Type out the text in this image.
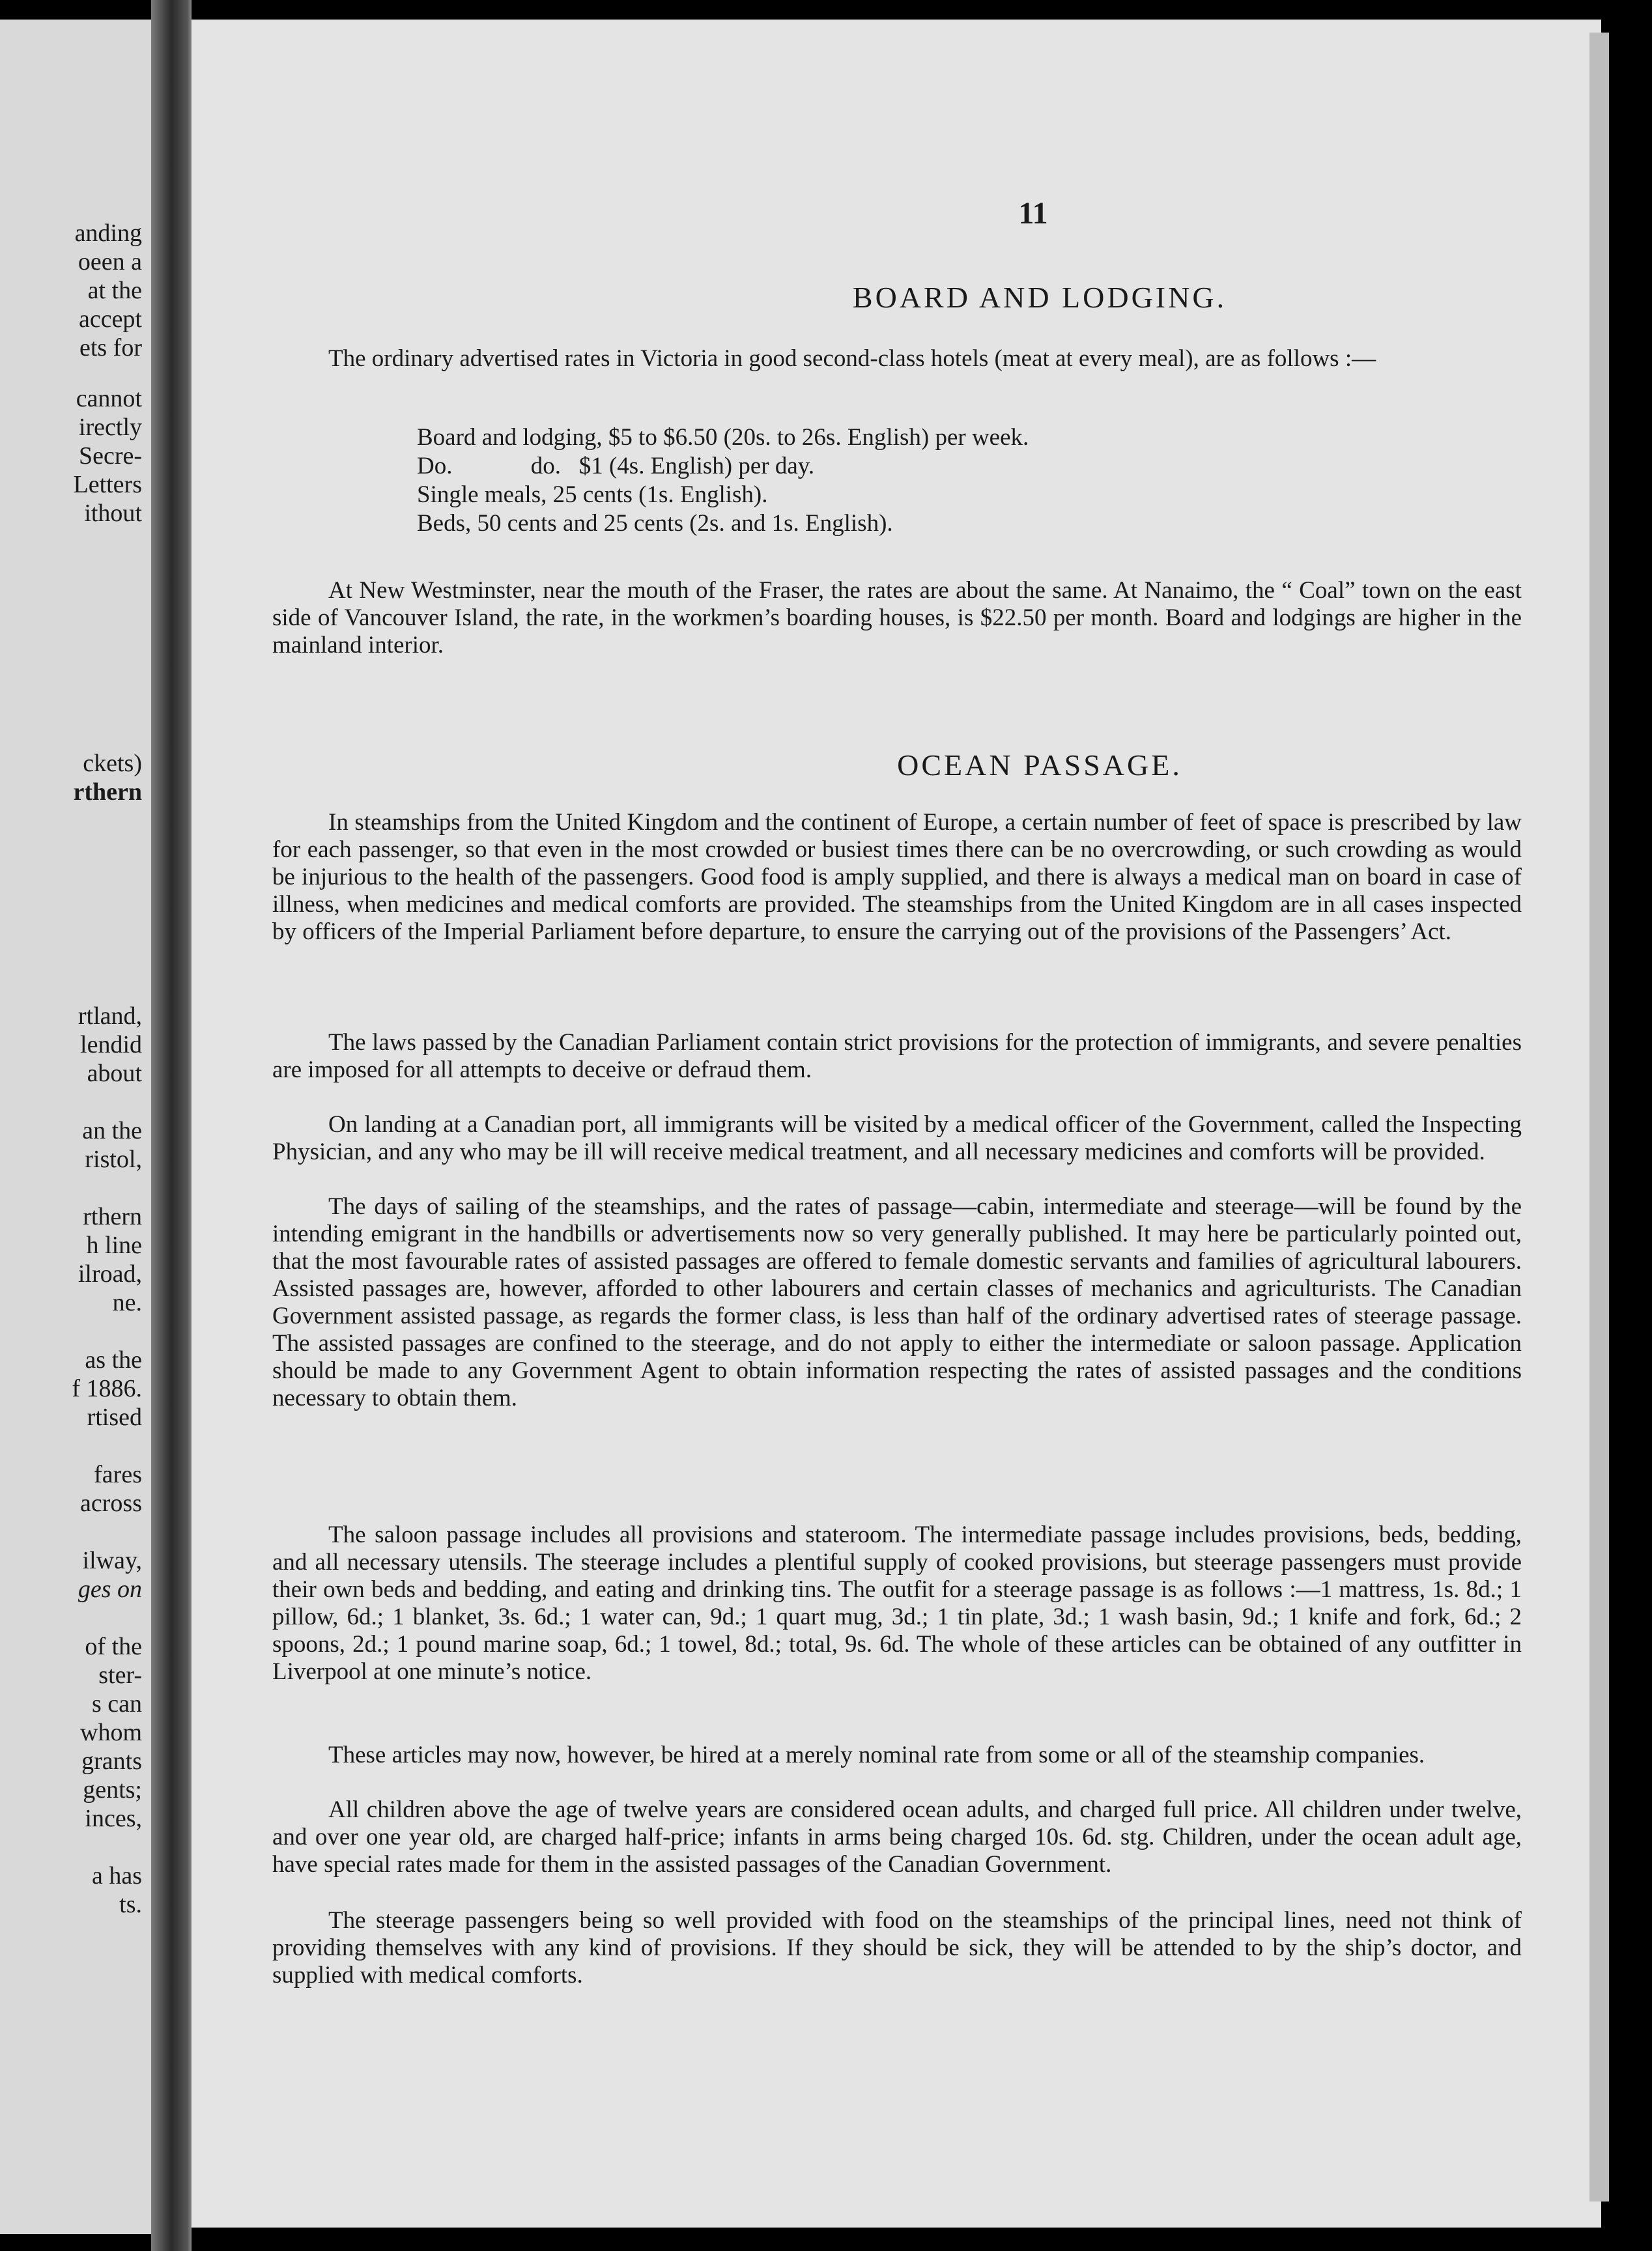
anding
oeen a
at the
accept
ets for
cannot
irectly
Secre-
Letters
ithout
ckets)
rthern
rtland,
lendid
about
an the
ristol,
rthern
h line
ilroad,
ne.
as the
f 1886.
rtised
fares
across
ilway,
ges on
of the
ster-
s can
whom
grants
gents;
inces,
a has
ts.
11
BOARD AND LODGING.
The ordinary advertised rates in Victoria in good second-class hotels (meat at every meal), are as follows :—
Board and lodging, $5 to $6.50 (20s. to 26s. English) per week.
Do.             do.   $1 (4s. English) per day.
Single meals, 25 cents (1s. English).
Beds, 50 cents and 25 cents (2s. and 1s. English).
At New Westminster, near the mouth of the Fraser, the rates are about the same. At Nanaimo, the “ Coal” town on the east side of Vancouver Island, the rate, in the workmen’s boarding houses, is $22.50 per month. Board and lodgings are higher in the mainland interior.
OCEAN PASSAGE.
In steamships from the United Kingdom and the continent of Europe, a certain number of feet of space is prescribed by law for each passenger, so that even in the most crowded or busiest times there can be no overcrowding, or such crowding as would be injurious to the health of the passengers. Good food is amply supplied, and there is always a medical man on board in case of illness, when medicines and medical comforts are provided. The steamships from the United Kingdom are in all cases inspected by officers of the Imperial Parliament before departure, to ensure the carrying out of the provisions of the Passengers’ Act.
The laws passed by the Canadian Parliament contain strict provisions for the protection of immigrants, and severe penalties are imposed for all attempts to deceive or defraud them.
On landing at a Canadian port, all immigrants will be visited by a medical officer of the Government, called the Inspecting Physician, and any who may be ill will receive medical treatment, and all necessary medicines and comforts will be provided.
The days of sailing of the steamships, and the rates of passage—cabin, intermediate and steerage—will be found by the intending emigrant in the handbills or advertisements now so very generally published. It may here be particularly pointed out, that the most favourable rates of assisted passages are offered to female domestic servants and families of agricultural labourers. Assisted passages are, however, afforded to other labourers and certain classes of mechanics and agriculturists. The Canadian Government assisted passage, as regards the former class, is less than half of the ordinary advertised rates of steerage passage. The assisted passages are confined to the steerage, and do not apply to either the intermediate or saloon passage. Application should be made to any Government Agent to obtain information respecting the rates of assisted passages and the conditions necessary to obtain them.
The saloon passage includes all provisions and stateroom. The intermediate passage includes provisions, beds, bedding, and all necessary utensils. The steerage includes a plentiful supply of cooked provisions, but steerage passengers must provide their own beds and bedding, and eating and drinking tins. The outfit for a steerage passage is as follows :—1 mattress, 1s. 8d.; 1 pillow, 6d.; 1 blanket, 3s. 6d.; 1 water can, 9d.; 1 quart mug, 3d.; 1 tin plate, 3d.; 1 wash basin, 9d.; 1 knife and fork, 6d.; 2 spoons, 2d.; 1 pound marine soap, 6d.; 1 towel, 8d.; total, 9s. 6d. The whole of these articles can be obtained of any outfitter in Liverpool at one minute’s notice.
These articles may now, however, be hired at a merely nominal rate from some or all of the steamship companies.
All children above the age of twelve years are considered ocean adults, and charged full price. All children under twelve, and over one year old, are charged half-price; infants in arms being charged 10s. 6d. stg. Children, under the ocean adult age, have special rates made for them in the assisted passages of the Canadian Government.
The steerage passengers being so well provided with food on the steamships of the principal lines, need not think of providing themselves with any kind of provisions. If they should be sick, they will be attended to by the ship’s doctor, and supplied with medical comforts.
